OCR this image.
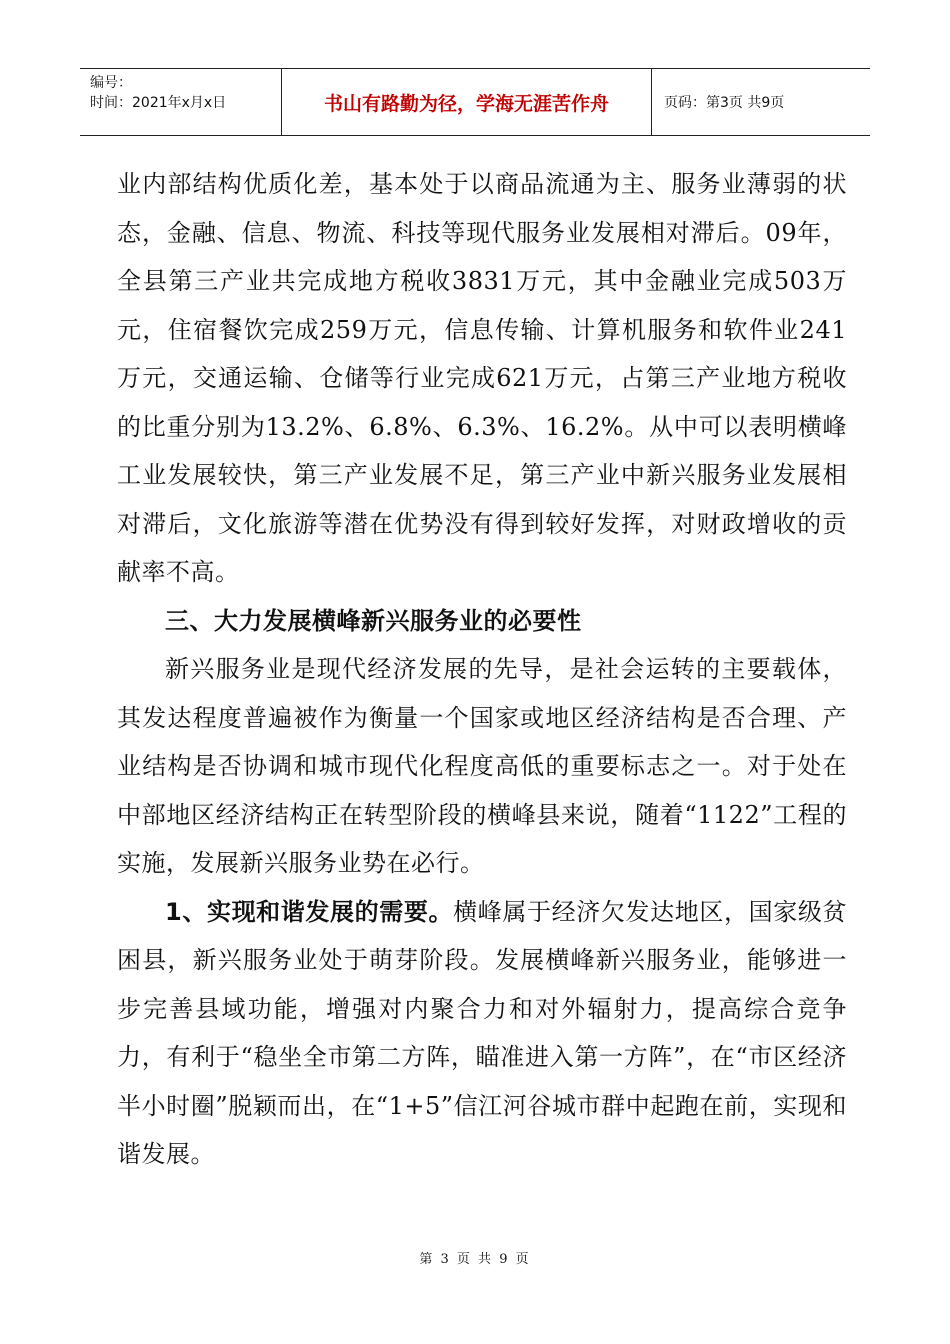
编号：
时间：2021年x月x日	书山有路勤为径，学海无涯苦作舟	页码：第3页 共9页

业内部结构优质化差，基本处于以商品流通为主、服务业薄弱的状态，金融、信息、物流、科技等现代服务业发展相对滞后。09年，全县第三产业共完成地方税收3831万元，其中金融业完成503万元，住宿餐饮完成259万元，信息传输、计算机服务和软件业241万元，交通运输、仓储等行业完成621万元，占第三产业地方税收的比重分别为13.2%、6.8%、6.3%、16.2%。从中可以表明横峰工业发展较快，第三产业发展不足，第三产业中新兴服务业发展相对滞后，文化旅游等潜在优势没有得到较好发挥，对财政增收的贡献率不高。

三、大力发展横峰新兴服务业的必要性

新兴服务业是现代经济发展的先导，是社会运转的主要载体，其发达程度普遍被作为衡量一个国家或地区经济结构是否合理、产业结构是否协调和城市现代化程度高低的重要标志之一。对于处在中部地区经济结构正在转型阶段的横峰县来说，随着“1122”工程的实施，发展新兴服务业势在必行。

1、实现和谐发展的需要。横峰属于经济欠发达地区，国家级贫困县，新兴服务业处于萌芽阶段。发展横峰新兴服务业，能够进一步完善县域功能，增强对内聚合力和对外辐射力，提高综合竞争力，有利于“稳坐全市第二方阵，瞄准进入第一方阵”，在“市区经济半小时圈”脱颖而出，在“1+5”信江河谷城市群中起跑在前，实现和谐发展。

第 3 页 共 9 页
